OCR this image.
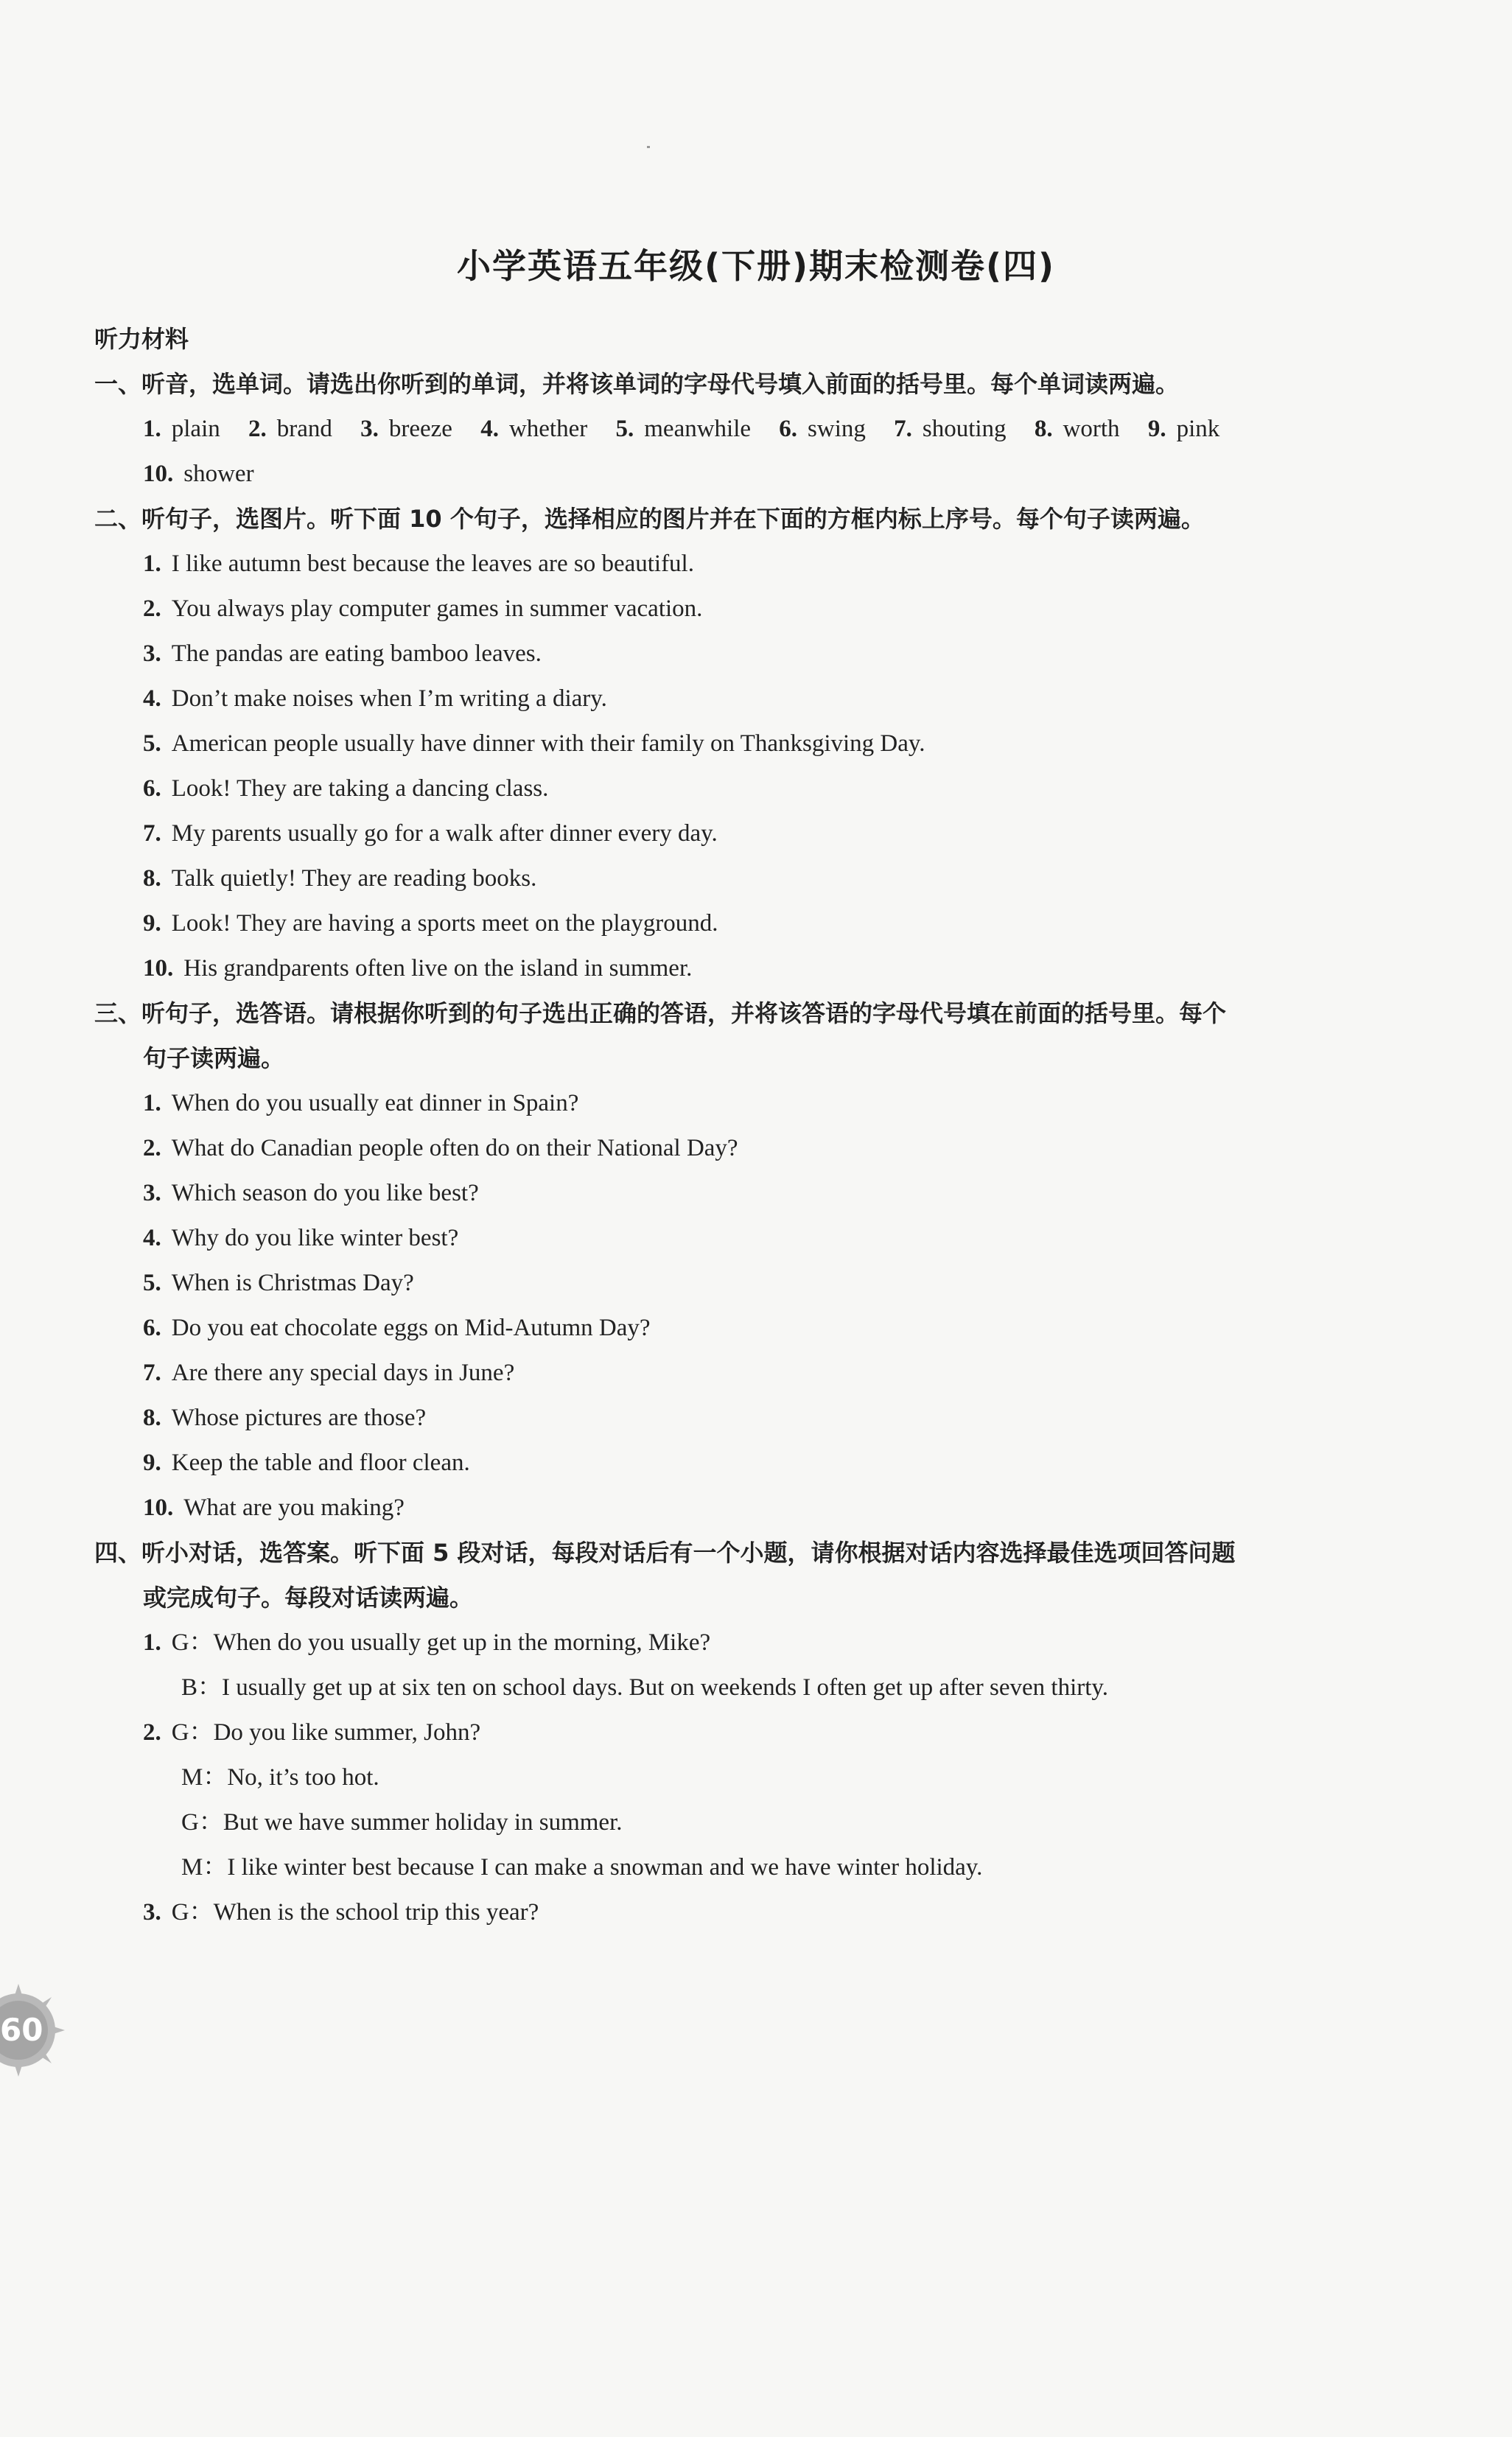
小学英语五年级(下册)期末检测卷(四)
听力材料
一、听音，选单词。请选出你听到的单词，并将该单词的字母代号填入前面的括号里。每个单词读两遍。
1. plain 2. brand 3. breeze 4. whether 5. meanwhile 6. swing 7. shouting 8. worth 9. pink
10. shower
二、听句子，选图片。听下面 10 个句子，选择相应的图片并在下面的方框内标上序号。每个句子读两遍。
1. I like autumn best because the leaves are so beautiful.
2. You always play computer games in summer vacation.
3. The pandas are eating bamboo leaves.
4. Don’t make noises when I’m writing a diary.
5. American people usually have dinner with their family on Thanksgiving Day.
6. Look! They are taking a dancing class.
7. My parents usually go for a walk after dinner every day.
8. Talk quietly! They are reading books.
9. Look! They are having a sports meet on the playground.
10. His grandparents often live on the island in summer.
三、听句子，选答语。请根据你听到的句子选出正确的答语，并将该答语的字母代号填在前面的括号里。每个
句子读两遍。
1. When do you usually eat dinner in Spain?
2. What do Canadian people often do on their National Day?
3. Which season do you like best?
4. Why do you like winter best?
5. When is Christmas Day?
6. Do you eat chocolate eggs on Mid-Autumn Day?
7. Are there any special days in June?
8. Whose pictures are those?
9. Keep the table and floor clean.
10. What are you making?
四、听小对话，选答案。听下面 5 段对话，每段对话后有一个小题，请你根据对话内容选择最佳选项回答问题
或完成句子。每段对话读两遍。
1. G：When do you usually get up in the morning, Mike?
B：I usually get up at six ten on school days. But on weekends I often get up after seven thirty.
2. G：Do you like summer, John?
M：No, it’s too hot.
G：But we have summer holiday in summer.
M：I like winter best because I can make a snowman and we have winter holiday.
3. G：When is the school trip this year?
60
